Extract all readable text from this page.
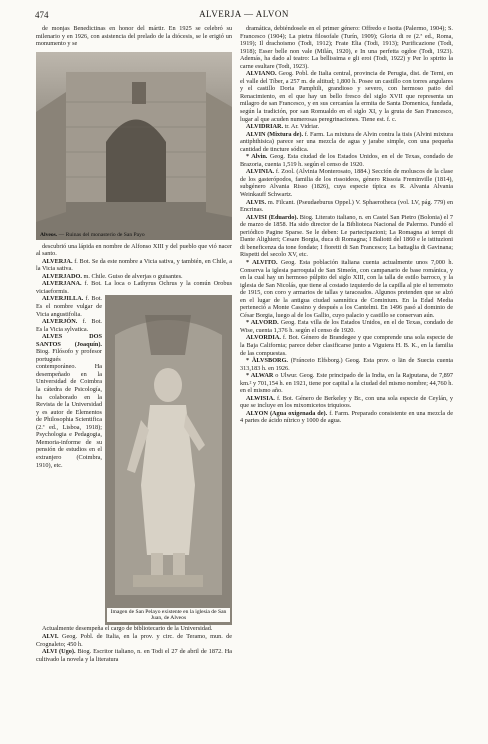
ALVERJA — ALVON
474

de monjas Benedictinas en honor del mártir. En 1925 se celebró su milenario y en 1926, con asistencia del prelado de la diócesis, se le erigió un monumento y se

Alveos. — Ruinas del monasterio de San Payo

descubrió una lápida en nombre de Alfonso XIII y del pueblo que vió nacer al santo.

ALVERJA. f. Bot. Se da este nombre a Vicia sativa, y también, en Chile, a la Vicia sativa.

ALVERJADO. m. Chile. Guiso de alverjas o guisantes.

ALVERJANA. f. Bot. La loca o Lathyrus Ochrus y la común Orobus viciaeformis.

ALVERJILLA. f. Bot. Es el nombre vulgar de Vicia angustifolia.

ALVERJÓN. f. Bot. Es la Vicia sylvatica.

ALVES DOS SANTOS (Joaquín). Biog. Filósofo y profesor portugués contemporáneo. Ha desempeñado en la Universidad de Coimbra la cátedra de Psicología, ha colaborado en la Revista de la Universidad y es autor de Elementos de Philosophia Scientifica (2.ª ed., Lisboa, 1918); Psychologia e Pedagogia, Memoria-informe de su pensión de estudios en el extranjero (Coimbra, 1910), etc.

Imagen de San Pelayo existente en la iglesia de San Juan, de Alveos

Actualmente desempeña el cargo de bibliotecario de la Universidad.

ALVI. Geog. Pobl. de Italia, en la prov. y circ. de Teramo, mun. de Crognaleto; 450 h.

ALVI (Ugo). Biog. Escritor italiano, n. en Todi el 27 de abril de 1872. Ha cultivado la novela y la literatura

dramática, debiéndosele en el primer género: Offredo e Isotta (Palermo, 1904); S. Francesco (1904); La pietra filosofale (Turín, 1909); Gloria di re (2.ª ed., Roma, 1919); Il drachoismo (Todi, 1912); Frate Elia (Todi, 1913); Purificazione (Todi, 1918); Esser belle non vale (Milán, 1920), e In una perfetta ogdoe (Todi, 1923). Además, ha dado al teatro: La bellissima e gli eroi (Todi, 1922) y Per lo spirito la carne esultare (Todi, 1923).

ALVIANO. Geog. Pobl. de Italia central, provincia de Perugia, dist. de Terni, en el valle del Tíber, a 257 m. de altitud; 1,800 h. Posee un castillo con torres angulares y el castillo Doria Pamphili, grandioso y severo, con hermoso patio del Renacimiento, en el que hay un bello fresco del siglo XVII que representa un milagro de san Francesco, y en sus cercanías la ermita de Santa Domenica, fundada, según la tradición, por san Romualdo en el siglo XI, y la gruta de San Francesco, lugar al que acuden numerosas peregrinaciones. Tiene est. f. c.

ALVIDRIAR. tr. Ar. Vidriar.

ALVIN (Mixtura de). f. Farm. La mixtura de Alvin contra la tisis (Alvini mixtura antiphthisica) parece ser una mezcla de agua y jarabe simple, con una pequeña cantidad de tincture sódica.

* Alvin. Geog. Esta ciudad de los Estados Unidos, en el de Texas, condado de Brazoria, cuenta 1,519 h. según el censo de 1920.

ALVINIA. f. Zool. (Alvinia Monterosato, 1884.) Sección de moluscos de la clase de los gasterópodos, familia de los rissoideos, género Rissoia Freminville (1814), subgénero Alvania Risso (1826), cuya especie típica es R. Alvania Alvania Weinkauff Schwartz.

ALVIS. m. Filcant. (Pseudaeburus Oppel.) V. Sphaerotheca (vol. LV, pág. 779) en Encrinas.

ALVISI (Eduardo). Biog. Literato italiano, n. en Castel San Pietro (Bolonia) el 7 de marzo de 1858. Ha sido director de la Biblioteca Nacional de Palermo. Fundó el periódico Pagine Sparse. Se le deben: Le partecipazioni; La Romagna ai tempi di Dante Alighieri; Cesare Borgia, duca di Romagna; I Baliotti del 1860 e le istituzioni di beneficenza da tone fondate; I fioretti di San Francesco; La battaglia di Gavinana; Rispetti del secolo XV, etc.

* ALVITO. Geog. Esta población italiana cuenta actualmente unos 7,000 h. Conserva la iglesia parroquial de San Simeón, con campanario de base románica, y en la cual hay un hermoso púlpito del siglo XIII, con la talla de estilo barroco, y la iglesia de San Nicolás, que tiene al costado izquierdo de la capilla al pie el terremoto de 1915, con coro y armarios de tallas y taraceados. Algunos pretenden que se alzó en el lugar de la antigua ciudad samnítica de Cominium. En la Edad Media perteneció a Monte Cassino y después a los Cantelmi. En 1496 pasó al dominio de César Borgia, luego al de los Gallio, cuyo palacio y castillo se conservan aún.

* ALVORD. Geog. Esta villa de los Estados Unidos, en el de Texas, condado de Wise, cuenta 1,376 h. según el censo de 1920.

ALVORDIA. f. Bot. Género de Brandegee y que comprende una sola especie de la Baja California; parece deber clasificarse junto a Viguiera H. B. K., en la familia de las compuestas.

* ÄLVSBORG. (Fránceio Elfsborg.) Geog. Esta prov. o län de Suecia cuenta 313,183 h. en 1926.

* ALWAR o Ulwur. Geog. Este principado de la India, en la Rajputana, de 7,897 km.² y 701,154 h. en 1921, tiene por capital a la ciudad del mismo nombre; 44,760 h. en el mismo año.

ALWISIA. f. Bot. Género de Berkeley y Br., con una sola especie de Ceylán, y que se incluye en los mixomicetos triquioos.

ALYON (Agua oxigenada de). f. Farm. Preparado consistente en una mezcla de 4 partes de ácido nítrico y 1000 de agua.
